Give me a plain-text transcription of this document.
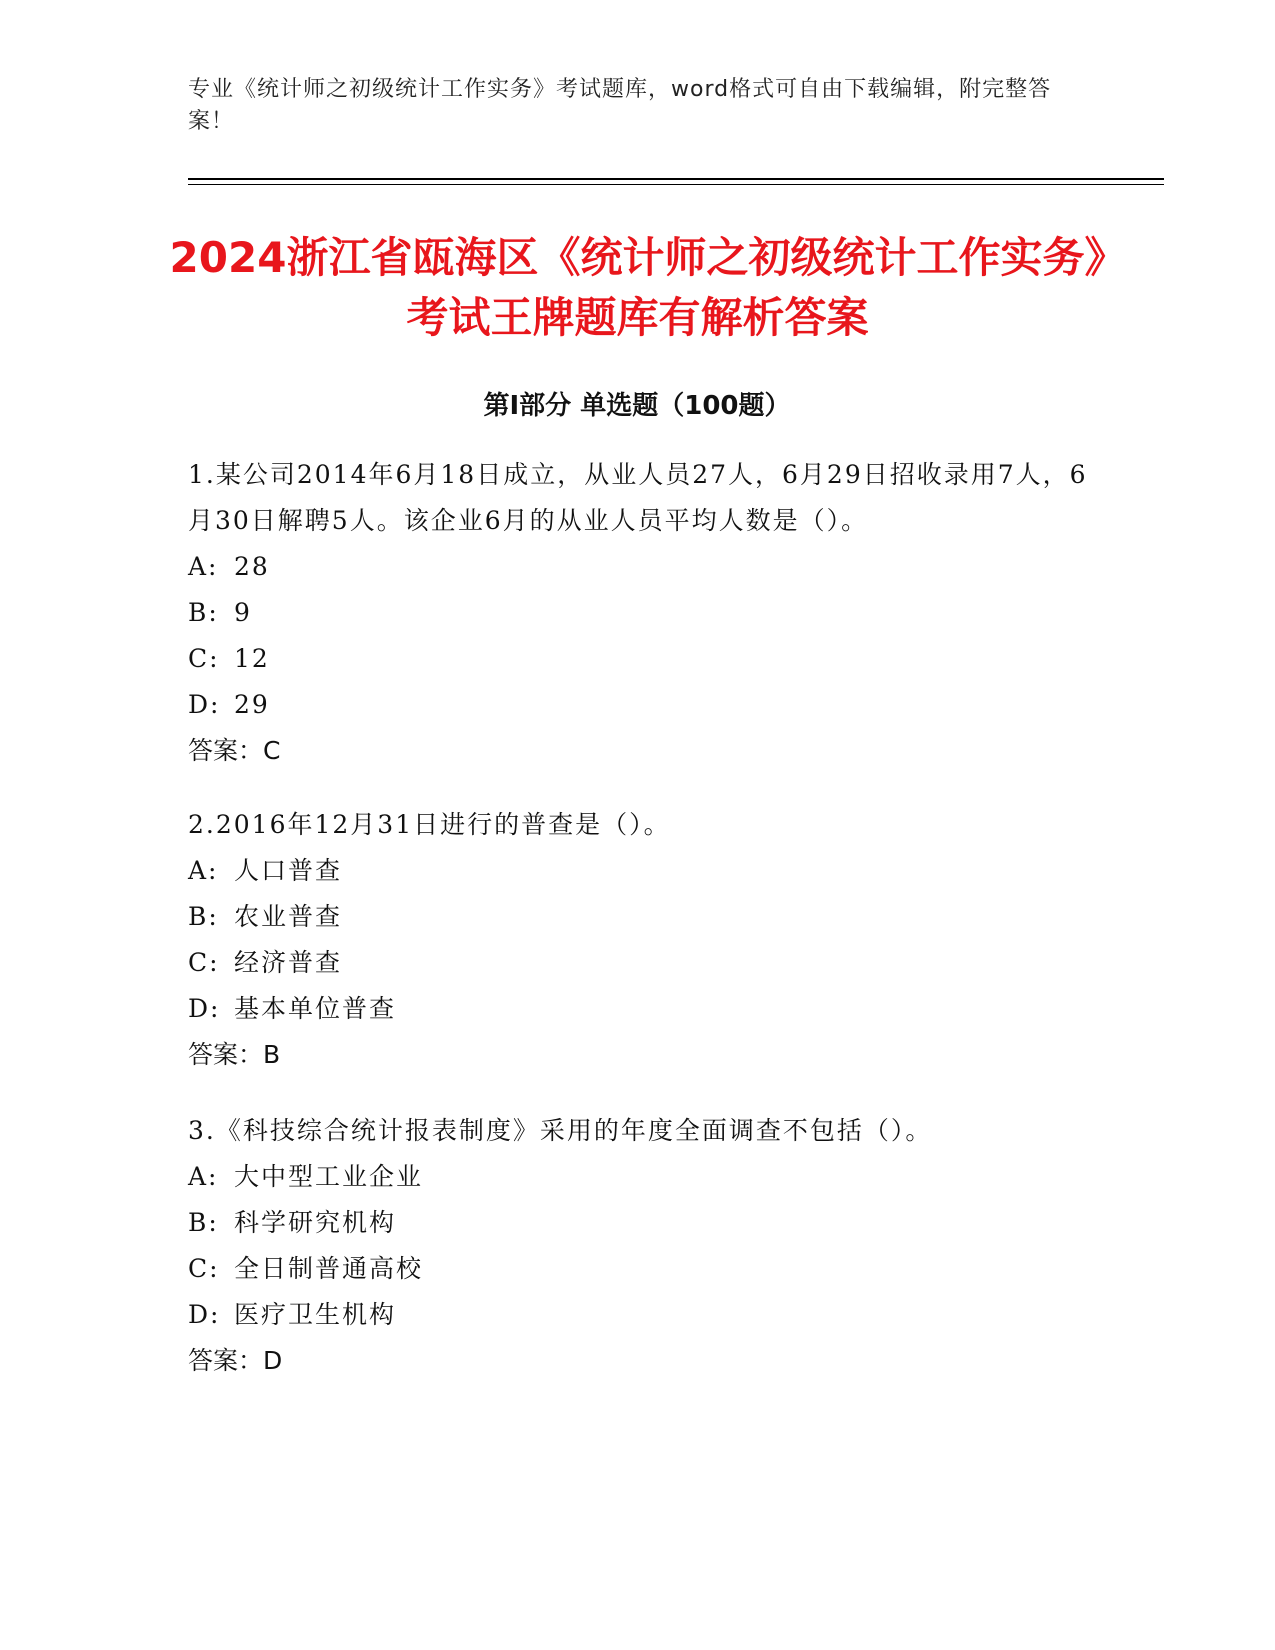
专业《统计师之初级统计工作实务》考试题库，word格式可自由下载编辑，附完整答案！
2024浙江省瓯海区《统计师之初级统计工作实务》考试王牌题库有解析答案
第I部分 单选题（100题）

1.某公司2014年6月18日成立，从业人员27人，6月29日招收录用7人，6月30日解聘5人。该企业6月的从业人员平均人数是（）。

A: 28
B: 9
C: 12
D: 29

答案：C

2.2016年12月31日进行的普查是（）。

A: 人口普查
B: 农业普查
C: 经济普查
D: 基本单位普查

答案：B

3.《科技综合统计报表制度》采用的年度全面调查不包括（）。

A: 大中型工业企业
B: 科学研究机构
C: 全日制普通高校
D: 医疗卫生机构

答案：D
